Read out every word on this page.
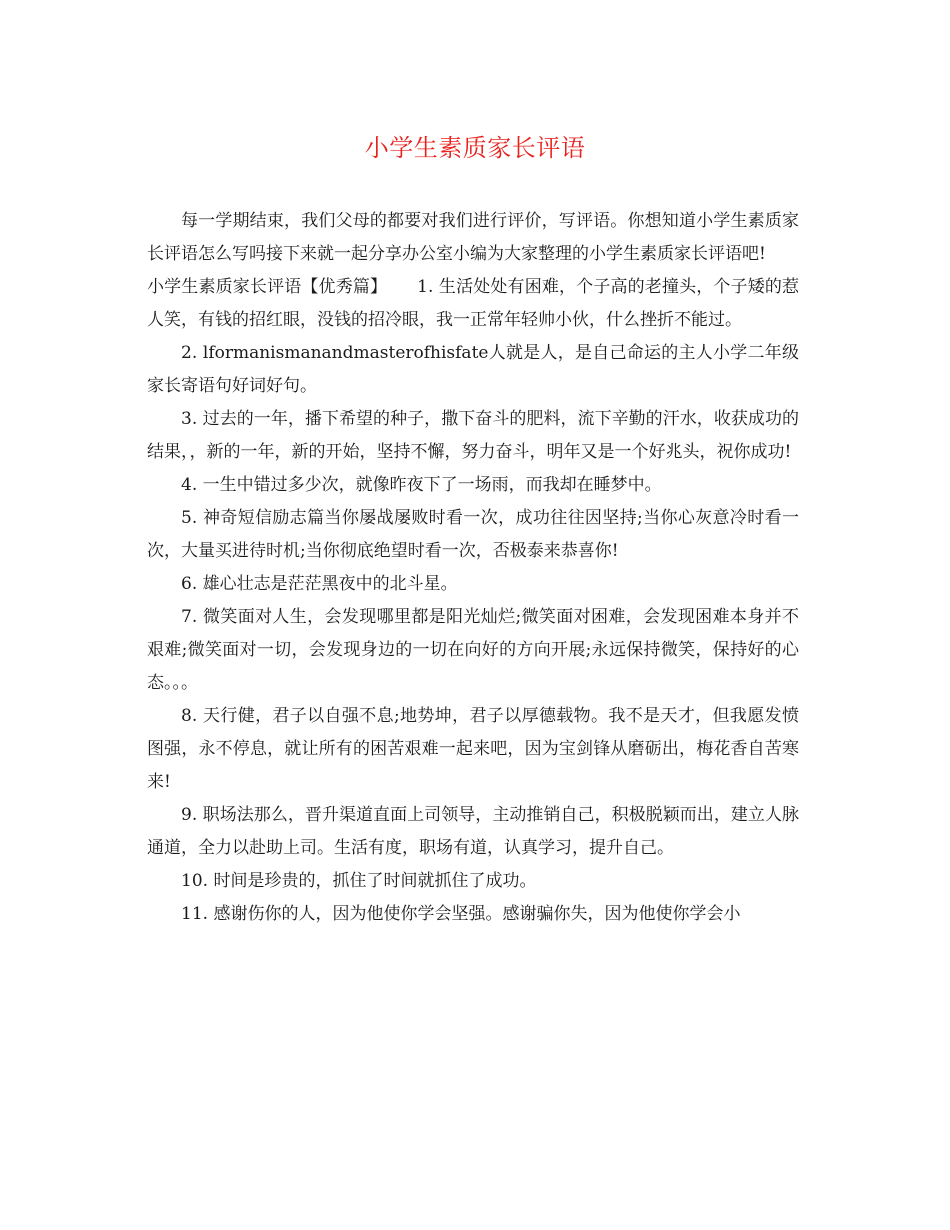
小学生素质家长评语

每一学期结束，我们父母的都要对我们进行评价，写评语。你想知道小学生素质家长评语怎么写吗接下来就一起分享办公室小编为大家整理的小学生素质家长评语吧!

小学生素质家长评语【优秀篇】 1. 生活处处有困难，个子高的老撞头，个子矮的惹人笑，有钱的招红眼，没钱的招冷眼，我一正常年轻帅小伙，什么挫折不能过。

2. lformanismanandmasterofhisfate人就是人，是自己命运的主人小学二年级家长寄语句好词好句。

3. 过去的一年，播下希望的种子，撒下奋斗的肥料，流下辛勤的汗水，收获成功的结果，，新的一年，新的开始，坚持不懈，努力奋斗，明年又是一个好兆头，祝你成功!

4. 一生中错过多少次，就像昨夜下了一场雨，而我却在睡梦中。

5. 神奇短信励志篇当你屡战屡败时看一次，成功往往因坚持;当你心灰意冷时看一次，大量买进待时机;当你彻底绝望时看一次，否极泰来恭喜你!

6. 雄心壮志是茫茫黑夜中的北斗星。

7. 微笑面对人生，会发现哪里都是阳光灿烂;微笑面对困难，会发现困难本身并不艰难;微笑面对一切，会发现身边的一切在向好的方向开展;永远保持微笑，保持好的心态。。。

8. 天行健，君子以自强不息;地势坤，君子以厚德载物。我不是天才，但我愿发愤图强，永不停息，就让所有的困苦艰难一起来吧，因为宝剑锋从磨砺出，梅花香自苦寒来!

9. 职场法那么，晋升渠道直面上司领导，主动推销自己，积极脱颖而出，建立人脉通道，全力以赴助上司。生活有度，职场有道，认真学习，提升自己。

10. 时间是珍贵的，抓住了时间就抓住了成功。

11. 感谢伤你的人，因为他使你学会坚强。感谢骗你失，因为他使你学会小
